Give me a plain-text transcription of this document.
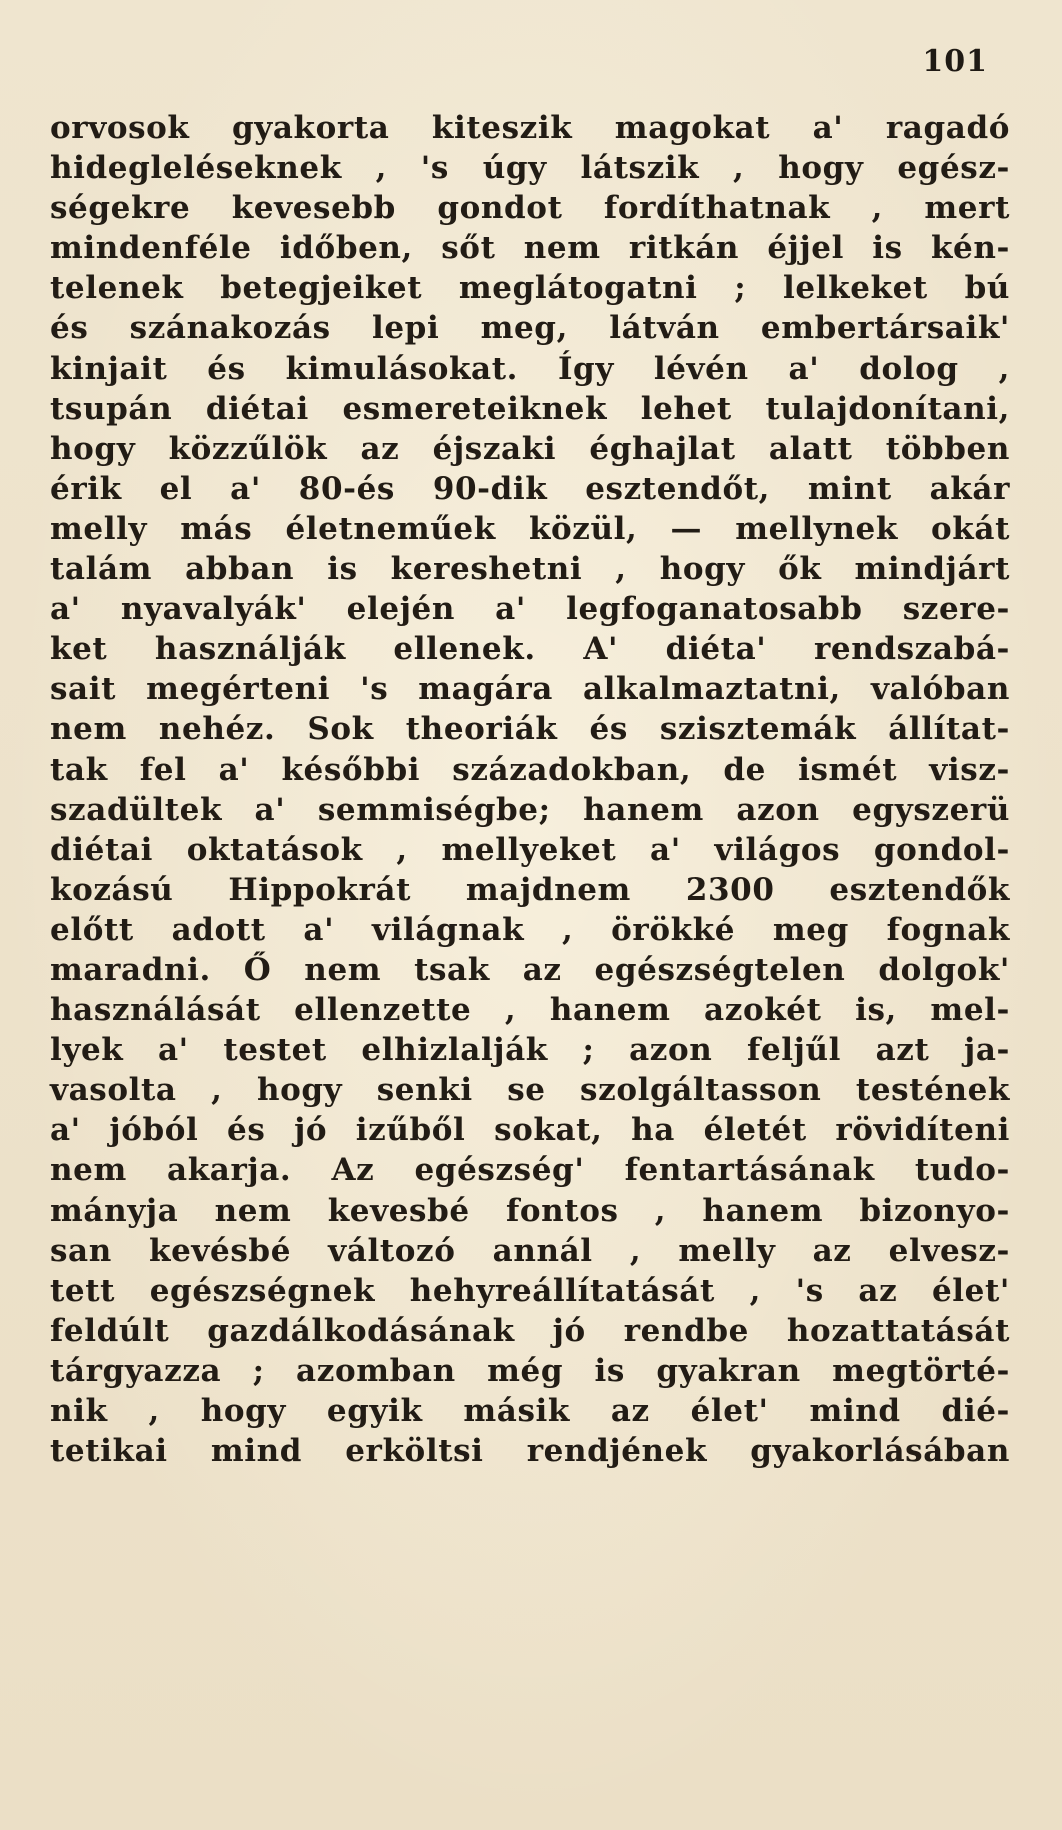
101
orvosok gyakorta kiteszik magokat a' ragadó
hidegleléseknek , 's úgy látszik , hogy egész-
ségekre kevesebb gondot fordíthatnak , mert
mindenféle időben, sőt nem ritkán éjjel is kén-
telenek betegjeiket meglátogatni ; lelkeket bú
és szánakozás lepi meg, látván embertársaik'
kinjait és kimulásokat. Így lévén a' dolog ,
tsupán diétai esmereteiknek lehet tulajdonítani,
hogy közzűlök az éjszaki éghajlat alatt többen
érik el a' 80-és 90-dik esztendőt, mint akár
melly más életneműek közül, — mellynek okát
talám abban is kereshetni , hogy ők mindjárt
a' nyavalyák' elején a' legfoganatosabb szere-
ket használják ellenek. A' diéta' rendszabá-
sait megérteni 's magára alkalmaztatni, valóban
nem nehéz. Sok theoriák és szisztemák állítat-
tak fel a' későbbi századokban, de ismét visz-
szadültek a' semmiségbe; hanem azon egyszerü
diétai oktatások , mellyeket a' világos gondol-
kozású Hippokrát majdnem 2300 esztendők
előtt adott a' világnak , örökké meg fognak
maradni. Ő nem tsak az egészségtelen dolgok'
használását ellenzette , hanem azokét is, mel-
lyek a' testet elhizlalják ; azon feljűl azt ja-
vasolta , hogy senki se szolgáltasson testének
a' jóból és jó izűből sokat, ha életét rövidíteni
nem akarja. Az egészség' fentartásának tudo-
mányja nem kevesbé fontos , hanem bizonyo-
san kevésbé változó annál , melly az elvesz-
tett egészségnek hehyreállítatását , 's az élet'
feldúlt gazdálkodásának jó rendbe hozattatását
tárgyazza ; azomban még is gyakran megtörté-
nik , hogy egyik másik az élet' mind dié-
tetikai mind erköltsi rendjének gyakorlásában
